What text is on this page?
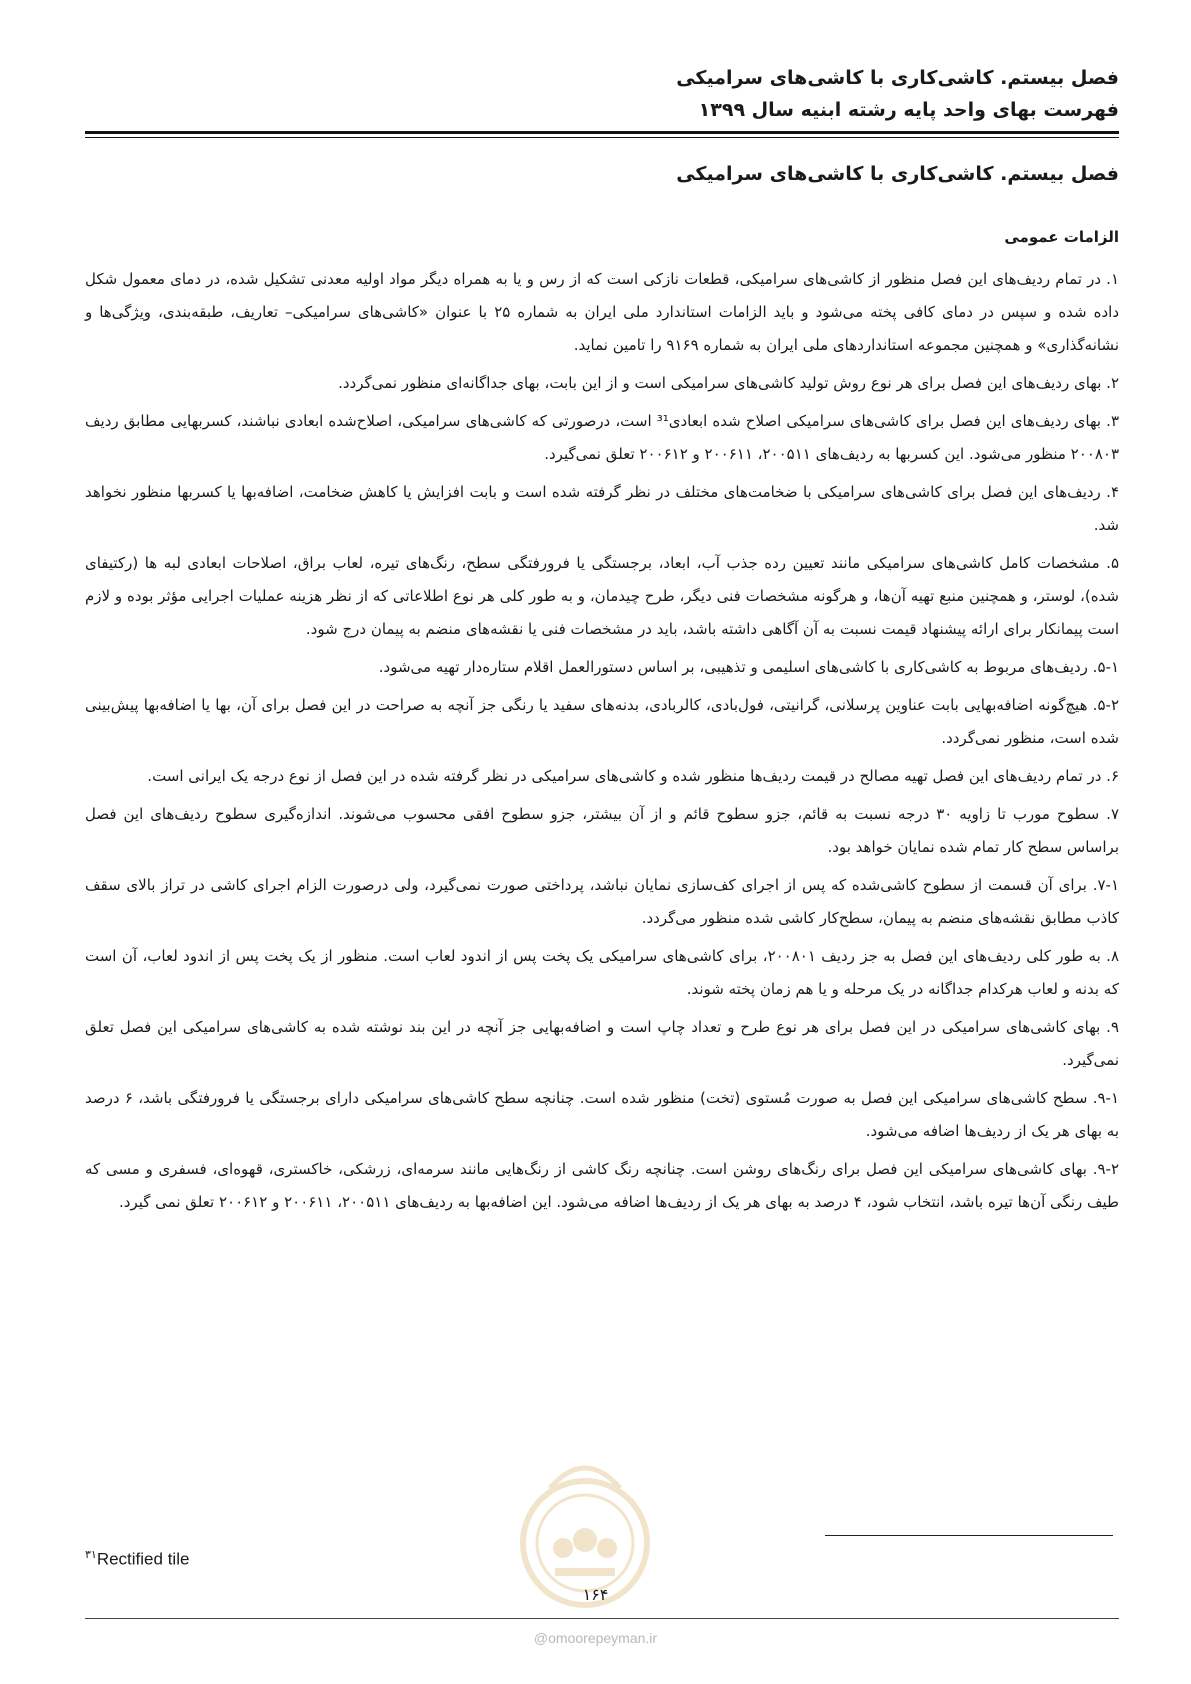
فصل بیستم. کاشی‌کاری با کاشی‌های سرامیکی
فهرست بهای واحد پایه رشته ابنیه سال ۱۳۹۹
فصل بیستم. کاشی‌کاری با کاشی‌های سرامیکی
الزامات عمومی

۱. در تمام ردیف‌های این فصل منظور از کاشی‌های سرامیکی، قطعات نازکی است که از رس و یا به همراه دیگر مواد اولیه معدنی تشکیل شده، در دمای معمول شکل داده شده و سپس در دمای کافی پخته می‌شود و باید الزامات استاندارد ملی ایران به شماره ۲۵ با عنوان «کاشی‌های سرامیکی– تعاریف، طبقه‌بندی، ویژگی‌ها و نشانه‌گذاری» و همچنین مجموعه استانداردهای ملی ایران به شماره ۹۱۶۹ را تامین نماید.

۲. بهای ردیف‌های این فصل برای هر نوع روش تولید کاشی‌های سرامیکی است و از این بابت، بهای جداگانه‌ای منظور نمی‌گردد.

۳. بهای ردیف‌های این فصل برای کاشی‌های سرامیکی اصلاح شده ابعادی³¹ است، درصورتی که کاشی‌های سرامیکی، اصلاح‌شده ابعادی نباشند، کسربهایی مطابق ردیف ۲۰۰۸۰۳ منظور می‌شود. این کسربها به ردیف‌های ۲۰۰۵۱۱، ۲۰۰۶۱۱ و ۲۰۰۶۱۲ تعلق نمی‌گیرد.

۴. ردیف‌های این فصل برای کاشی‌های سرامیکی با ضخامت‌های مختلف در نظر گرفته شده است و بابت افزایش یا کاهش ضخامت، اضافه‌بها یا کسربها منظور نخواهد شد.

۵. مشخصات کامل کاشی‌های سرامیکی مانند تعیین رده جذب آب، ابعاد، برجستگی یا فرورفتگی سطح، رنگ‌های تیره، لعاب براق، اصلاحات ابعادی لبه ها (رکتیفای شده)، لوستر، و همچنین منبع تهیه آن‌ها، و هرگونه مشخصات فنی دیگر، طرح چیدمان، و به طور کلی هر نوع اطلاعاتی که از نظر هزینه عملیات اجرایی مؤثر بوده و لازم است پیمانکار برای ارائه پیشنهاد قیمت نسبت به آن آگاهی داشته باشد، باید در مشخصات فنی یا نقشه‌های منضم به پیمان درج شود.

۵-۱. ردیف‌های مربوط به کاشی‌کاری با کاشی‌های اسلیمی و تذهیبی، بر اساس دستورالعمل اقلام ستاره‌دار تهیه می‌شود.

۵-۲. هیچ‌گونه اضافه‌بهایی بابت عناوین پرسلانی، گرانیتی، فول‌بادی، کالربادی، بدنه‌های سفید یا رنگی جز آنچه به صراحت در این فصل برای آن، بها یا اضافه‌بها پیش‌بینی شده است، منظور نمی‌گردد.

۶. در تمام ردیف‌های این فصل تهیه مصالح در قیمت ردیف‌ها منظور شده و کاشی‌های سرامیکی در نظر گرفته شده در این فصل از نوع درجه یک ایرانی است.

۷. سطوح مورب تا زاویه ۳۰ درجه نسبت به قائم، جزو سطوح قائم و از آن بیشتر، جزو سطوح افقی محسوب می‌شوند. اندازه‌گیری سطوح ردیف‌های این فصل براساس سطح کار تمام شده نمایان خواهد بود.

۷-۱. برای آن قسمت از سطوح کاشی‌شده که پس از اجرای کف‌سازی نمایان نباشد، پرداختی صورت نمی‌گیرد، ولی درصورت الزام اجرای کاشی در تراز بالای سقف کاذب مطابق نقشه‌های منضم به پیمان، سطح‌کار کاشی شده منظور می‌گردد.

۸. به طور کلی ردیف‌های این فصل به جز ردیف ۲۰۰۸۰۱، برای کاشی‌های سرامیکی یک پخت پس از اندود لعاب است. منظور از یک پخت پس از اندود لعاب، آن است که بدنه و لعاب هرکدام جداگانه در یک مرحله و یا هم زمان پخته شوند.

۹. بهای کاشی‌های سرامیکی در این فصل برای هر نوع طرح و تعداد چاپ است و اضافه‌بهایی جز آنچه در این بند نوشته شده به کاشی‌های سرامیکی این فصل تعلق نمی‌گیرد.

۹-۱. سطح کاشی‌های سرامیکی این فصل به صورت مُستوی (تخت) منظور شده است. چنانچه سطح کاشی‌های سرامیکی دارای برجستگی یا فرورفتگی باشد، ۶ درصد به بهای هر یک از ردیف‌ها اضافه می‌شود.

۹-۲. بهای کاشی‌های سرامیکی این فصل برای رنگ‌های روشن است. چنانچه رنگ کاشی از رنگ‌هایی مانند سرمه‌ای، زرشکی، خاکستری، قهوه‌ای، فسفری و مسی که طیف رنگی آن‌ها تیره باشد، انتخاب شود، ۴ درصد به بهای هر یک از ردیف‌ها اضافه می‌شود. این اضافه‌بها به ردیف‌های ۲۰۰۵۱۱، ۲۰۰۶۱۱ و ۲۰۰۶۱۲ تعلق نمی گیرد.

$^{۳۱}$Rectified tile
۱۶۴
@omoorepeyman.ir
